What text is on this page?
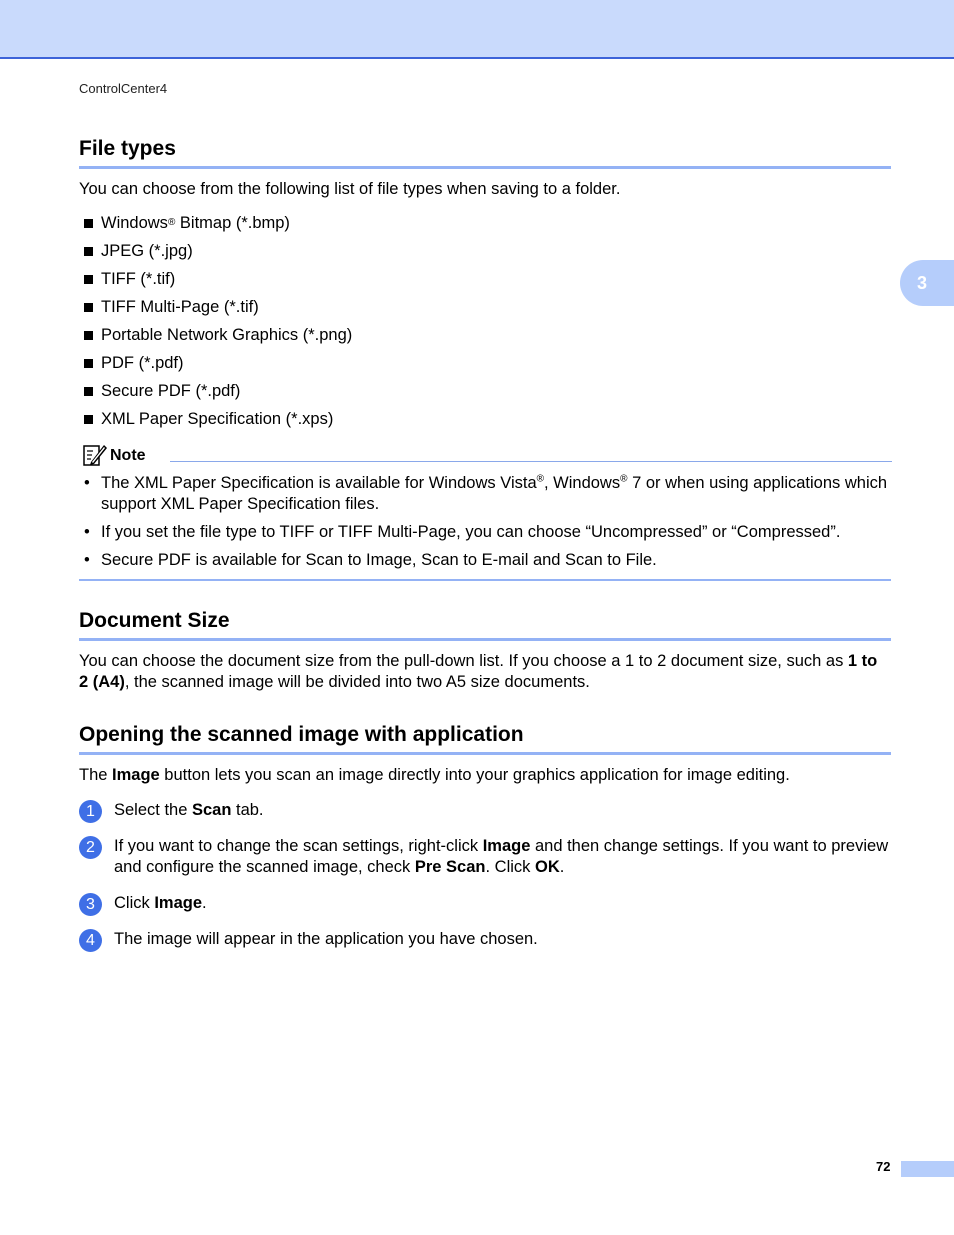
ControlCenter4
3
File types

You can choose from the following list of file types when saving to a folder.

Windows ® Bitmap (*.bmp)
JPEG (*.jpg)
TIFF (*.tif)
TIFF Multi-Page (*.tif)
Portable Network Graphics (*.png)
PDF (*.pdf)
Secure PDF (*.pdf)
XML Paper Specification (*.xps)
Note
• The XML Paper Specification is available for Windows Vista®, Windows® 7 or when using applications which support XML Paper Specification files.
• If you set the file type to TIFF or TIFF Multi-Page, you can choose “Uncompressed” or “Compressed”.
• Secure PDF is available for Scan to Image, Scan to E-mail and Scan to File.
Document Size

You can choose the document size from the pull-down list. If you choose a 1 to 2 document size, such as 1 to 2 (A4), the scanned image will be divided into two A5 size documents.

Opening the scanned image with application

The Image button lets you scan an image directly into your graphics application for image editing.

1	Select the Scan tab.
2	If you want to change the scan settings, right-click Image and then change settings. If you want to preview and configure the scanned image, check Pre Scan. Click OK.
3	Click Image.
4	The image will appear in the application you have chosen.
72
